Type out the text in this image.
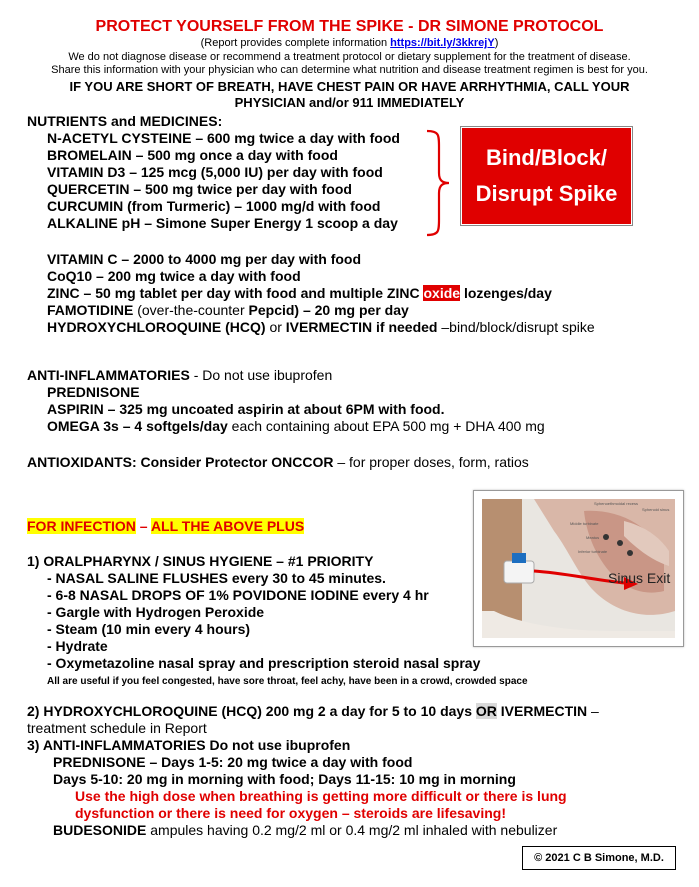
PROTECT YOURSELF FROM THE SPIKE - DR SIMONE PROTOCOL
(Report provides complete information https://bit.ly/3kkrejY)
We do not diagnose disease or recommend a treatment protocol or dietary supplement for the treatment of disease.
Share this information with your physician who can determine what nutrition and disease treatment regimen is best for you.
IF YOU ARE SHORT OF BREATH, HAVE CHEST PAIN OR HAVE ARRHYTHMIA, CALL YOUR
PHYSICIAN and/or 911 IMMEDIATELY
NUTRIENTS and MEDICINES:
N-ACETYL CYSTEINE – 600 mg twice a day with food
BROMELAIN – 500 mg once a day with food
VITAMIN D3 – 125 mcg (5,000 IU) per day with food
QUERCETIN – 500 mg twice per day with food
CURCUMIN (from Turmeric) – 1000 mg/d with food
ALKALINE pH – Simone Super Energy 1 scoop a day
Bind/Block/
Disrupt Spike
VITAMIN C – 2000 to 4000 mg per day with food
CoQ10 – 200 mg twice a day with food
ZINC – 50 mg tablet per day with food and multiple ZINC oxide lozenges/day
FAMOTIDINE (over-the-counter Pepcid) – 20 mg per day
HYDROXYCHLOROQUINE (HCQ) or IVERMECTIN if needed –bind/block/disrupt spike
ANTI-INFLAMMATORIES - Do not use ibuprofen
PREDNISONE
ASPIRIN – 325 mg uncoated aspirin at about 6PM with food.
OMEGA 3s – 4 softgels/day each containing about EPA 500 mg + DHA 400 mg
ANTIOXIDANTS: Consider Protector ONCCOR – for proper doses, form, ratios
FOR INFECTION – ALL THE ABOVE PLUS
1) ORALPHARYNX / SINUS HYGIENE – #1 PRIORITY
- NASAL SALINE FLUSHES every 30 to 45 minutes.
- 6-8 NASAL DROPS OF 1% POVIDONE IODINE every 4 hr
- Gargle with Hydrogen Peroxide
- Steam (10 min every 4 hours)
- Hydrate
- Oxymetazoline nasal spray and prescription steroid nasal spray
All are useful if you feel congested, have sore throat, feel achy, have been in a crowd, crowded space
Sinus Exit
Sphenoethmoidal recess
Sphenoid sinus
Middle turbinate
Meatus
Inferior turbinate
2) HYDROXYCHLOROQUINE (HCQ) 200 mg 2 a day for 5 to 10 days OR IVERMECTIN –
treatment schedule in Report
3) ANTI-INFLAMMATORIES Do not use ibuprofen
PREDNISONE – Days 1-5: 20 mg twice a day with food
Days 5-10: 20 mg in morning with food; Days 11-15: 10 mg in morning
Use the high dose when breathing is getting more difficult or there is lung
dysfunction or there is need for oxygen – steroids are lifesaving!
BUDESONIDE ampules having 0.2 mg/2 ml or 0.4 mg/2 ml inhaled with nebulizer
© 2021 C B Simone, M.D.
